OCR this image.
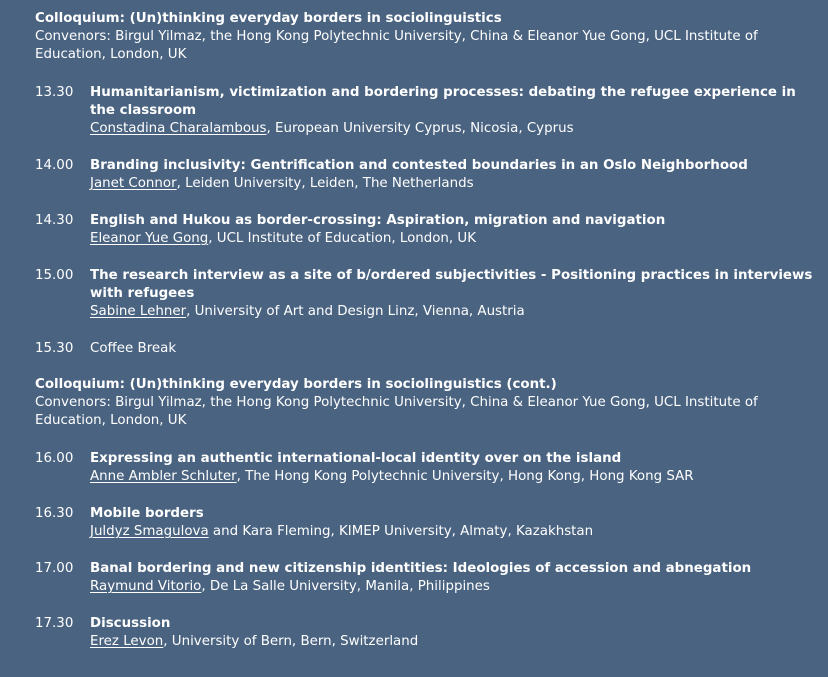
Colloquium: (Un)thinking everyday borders in sociolinguistics
Convenors: Birgul Yilmaz, the Hong Kong Polytechnic University, China & Eleanor Yue Gong, UCL Institute of Education, London, UK
13.30	Humanitarianism, victimization and bordering processes: debating the refugee experience in the classroom
Constadina Charalambous, European University Cyprus, Nicosia, Cyprus
14.00	Branding inclusivity: Gentrification and contested boundaries in an Oslo Neighborhood
Janet Connor, Leiden University, Leiden, The Netherlands
14.30	English and Hukou as border-crossing: Aspiration, migration and navigation
Eleanor Yue Gong, UCL Institute of Education, London, UK
15.00	The research interview as a site of b/ordered subjectivities - Positioning practices in interviews with refugees
Sabine Lehner, University of Art and Design Linz, Vienna, Austria
15.30	Coffee Break
Colloquium: (Un)thinking everyday borders in sociolinguistics (cont.)
Convenors: Birgul Yilmaz, the Hong Kong Polytechnic University, China & Eleanor Yue Gong, UCL Institute of Education, London, UK
16.00	Expressing an authentic international-local identity over on the island
Anne Ambler Schluter, The Hong Kong Polytechnic University, Hong Kong, Hong Kong SAR
16.30	Mobile borders
Juldyz Smagulova and Kara Fleming, KIMEP University, Almaty, Kazakhstan
17.00	Banal bordering and new citizenship identities: Ideologies of accession and abnegation
Raymund Vitorio, De La Salle University, Manila, Philippines
17.30	Discussion
Erez Levon, University of Bern, Bern, Switzerland
